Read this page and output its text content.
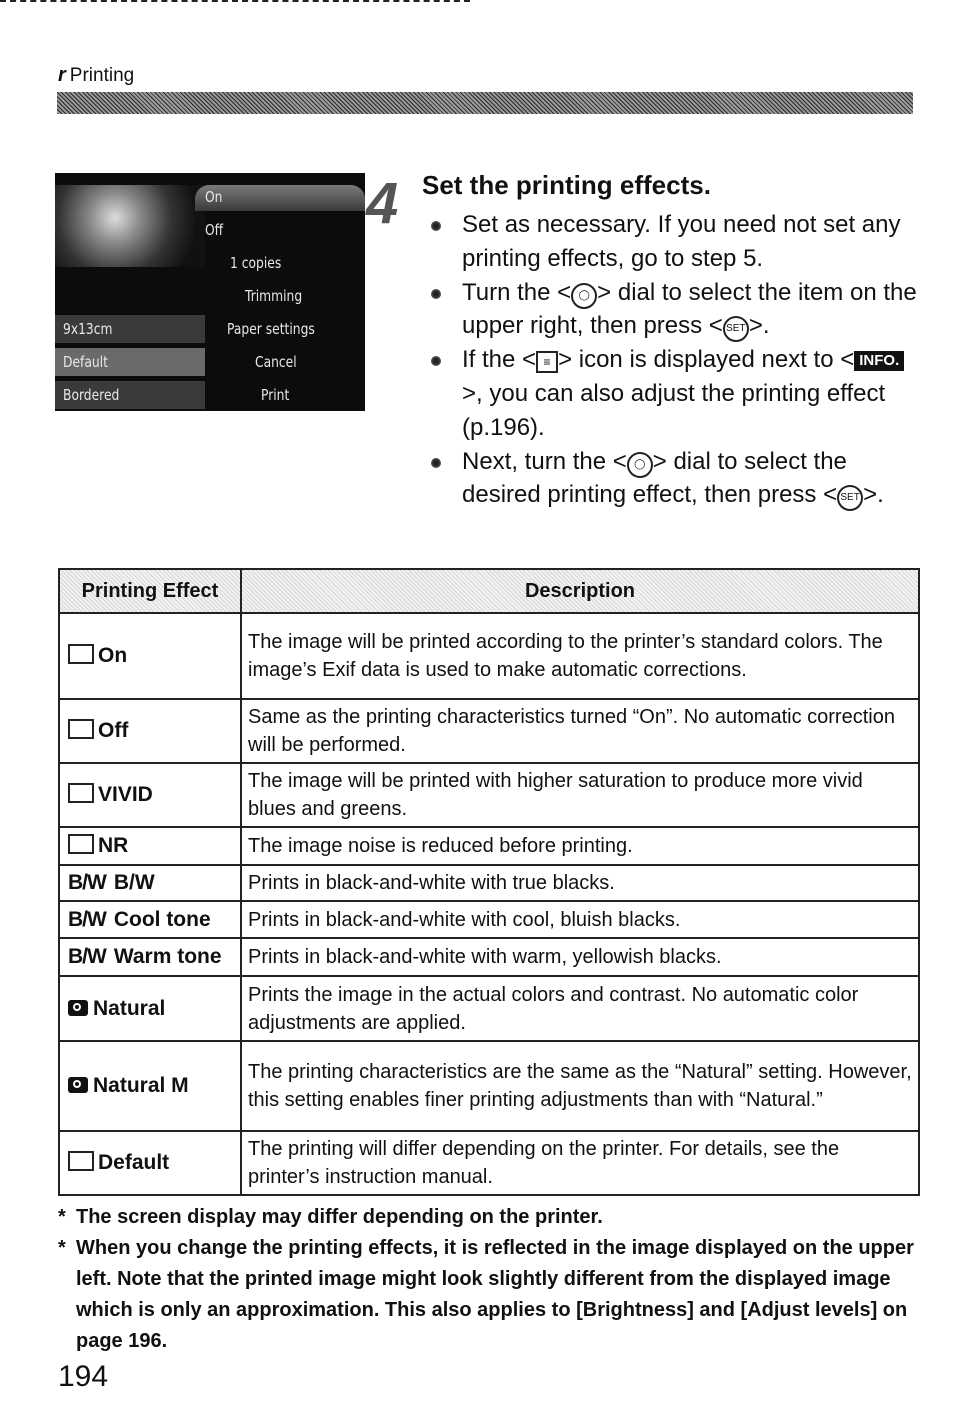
r Printing
On
Off
1 copies
Trimming
Paper settings
Cancel
Print
9x13cm
Default
Bordered
4 Set the printing effects.

Set as necessary. If you need not set any printing effects, go to step 5.

Turn the < ◯ > dial to select the item on the upper right, then press < SET >.

If the < ≡ > icon is displayed next to < INFO.>, you can also adjust the printing effect (p.196).

Next, turn the < ◯ > dial to select the desired printing effect, then press < SET >.

Printing Effect	Description
On	The image will be printed according to the printer’s standard colors. The image’s Exif data is used to make automatic corrections.
Off	Same as the printing characteristics turned “On”. No automatic correction will be performed.
VIVID	The image will be printed with higher saturation to produce more vivid blues and greens.
NR	The image noise is reduced before printing.
B/W B/W	Prints in black-and-white with true blacks.
B/W Cool tone	Prints in black-and-white with cool, bluish blacks.
B/W Warm tone	Prints in black-and-white with warm, yellowish blacks.
Natural	Prints the image in the actual colors and contrast. No automatic color adjustments are applied.
Natural M	The printing characteristics are the same as the “Natural” setting. However, this setting enables finer printing adjustments than with “Natural.”
Default	The printing will differ depending on the printer. For details, see the printer’s instruction manual.

* The screen display may differ depending on the printer.

* When you change the printing effects, it is reflected in the image displayed on the upper left. Note that the printed image might look slightly different from the displayed image which is only an approximation. This also applies to [Brightness] and [Adjust levels] on page 196.

194
